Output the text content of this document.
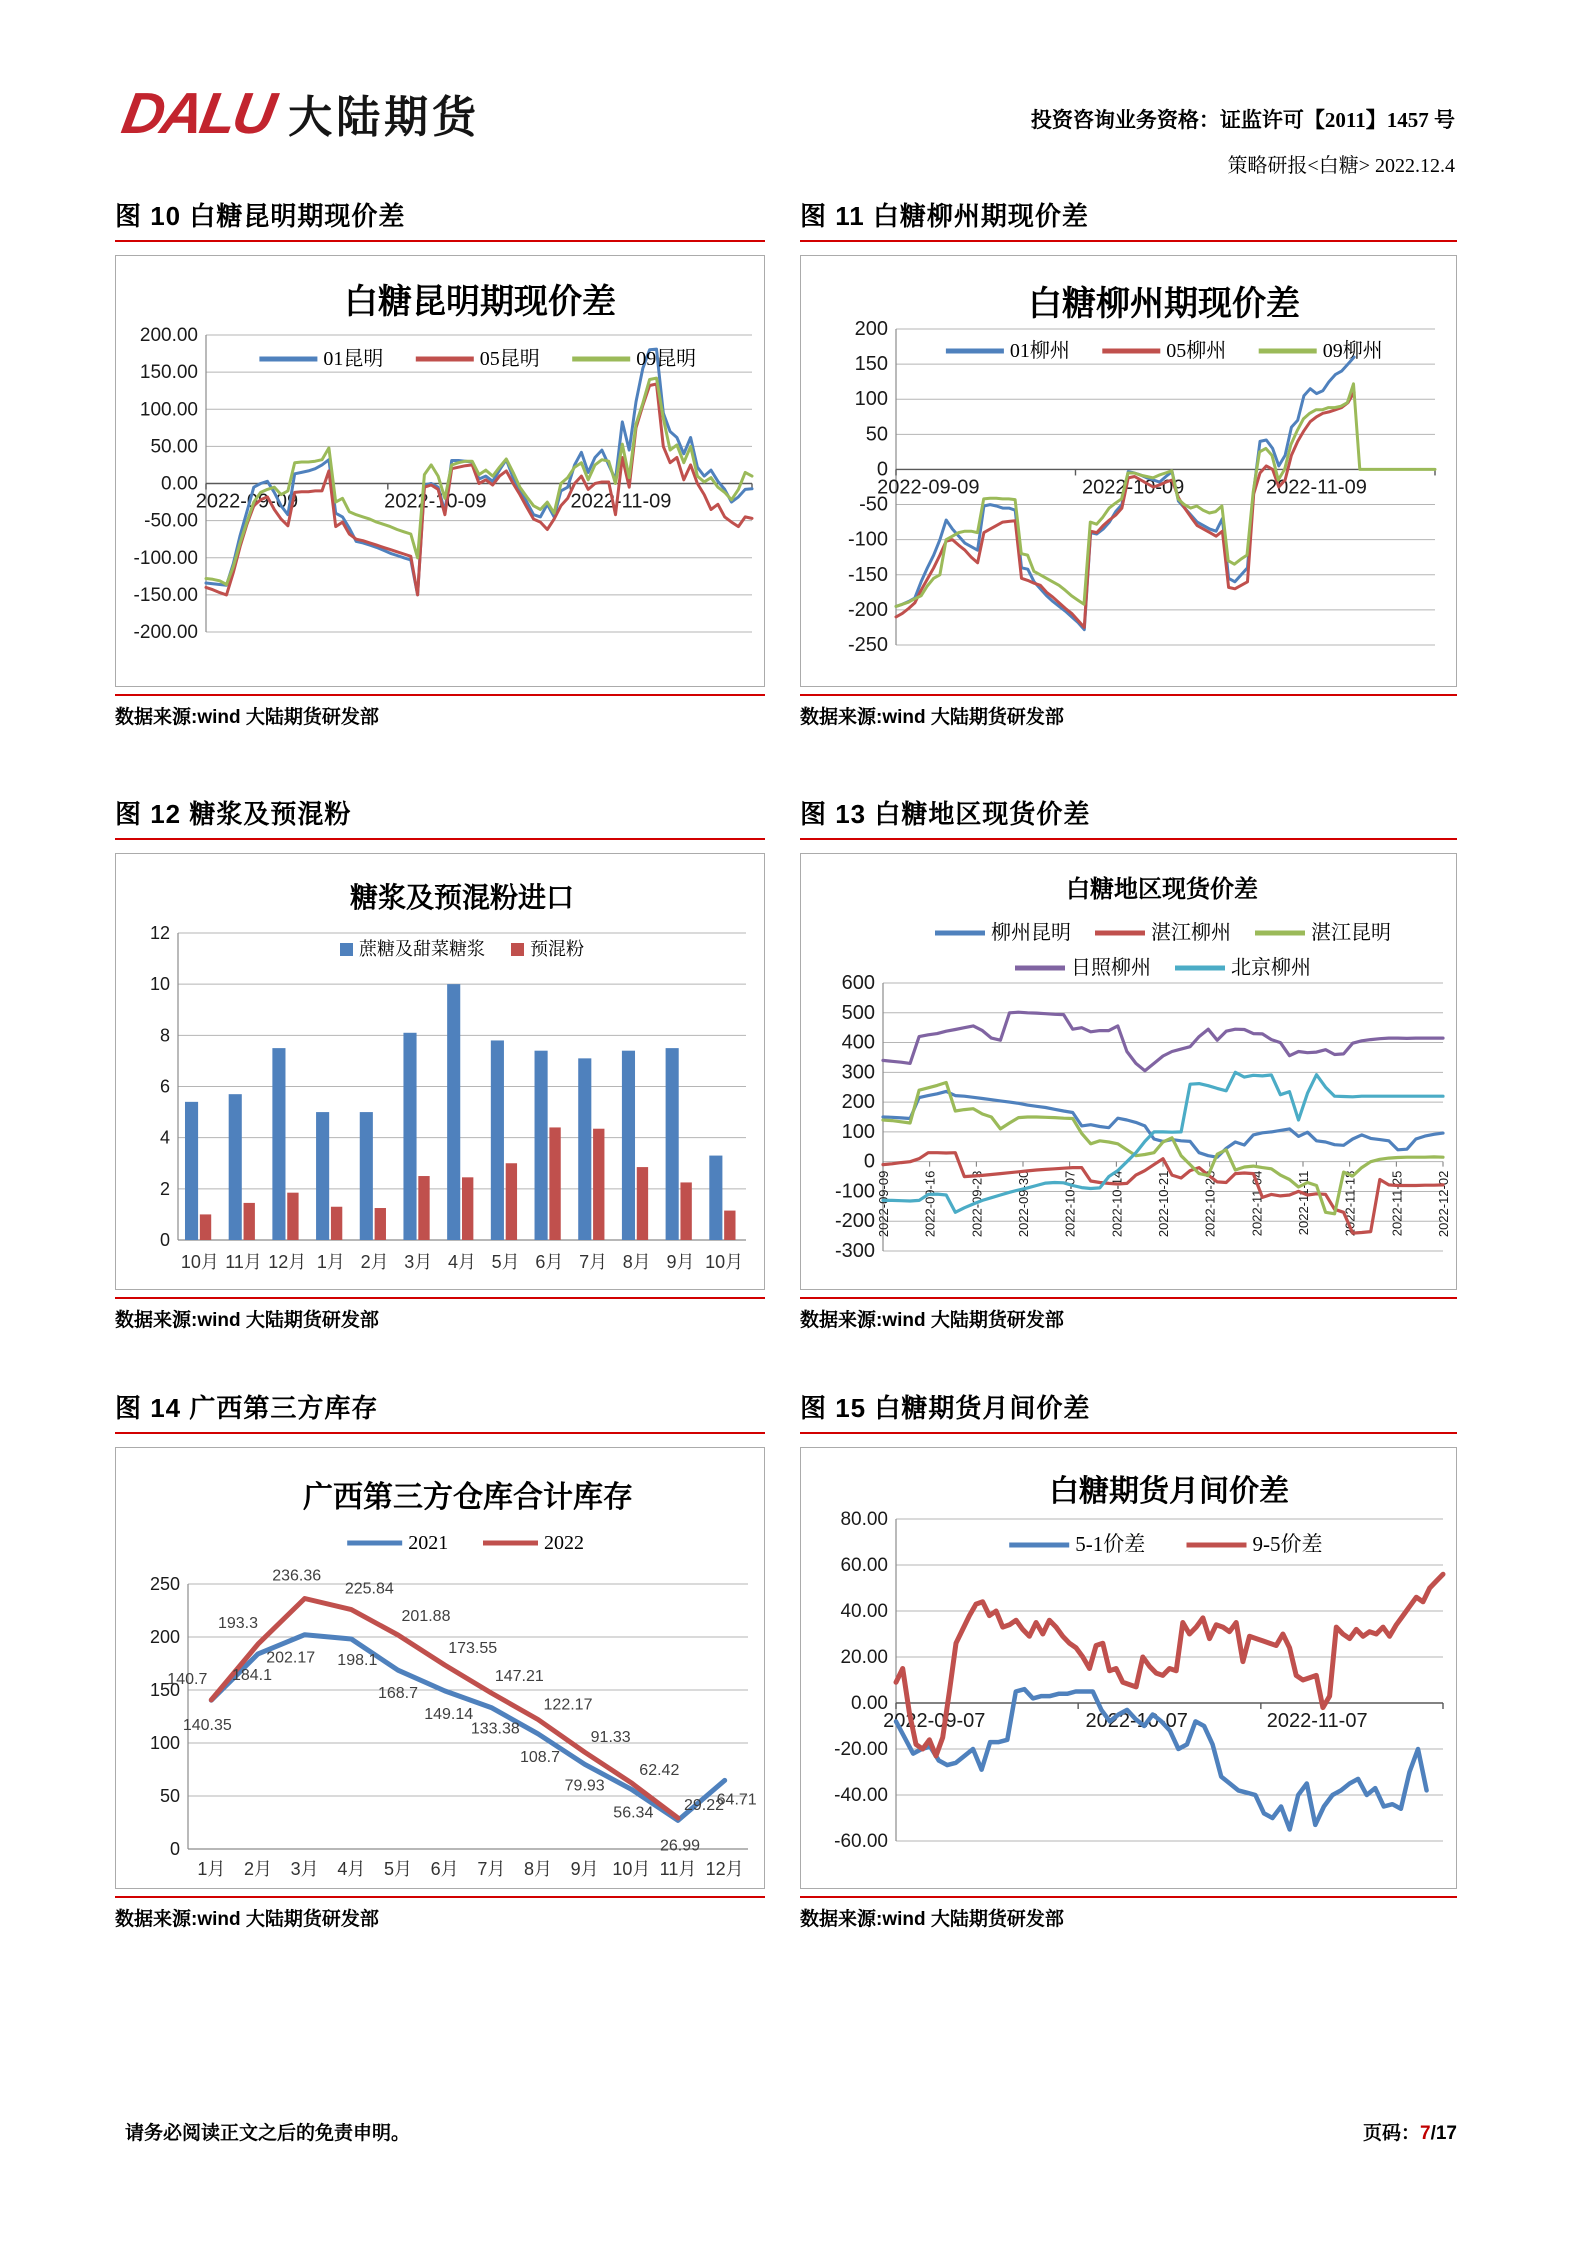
DALU 大陆期货	投资咨询业务资格：证监许可【2011】1457 号
策略研报<白糖> 2022.12.4
图 10 白糖昆明期现价差
200.00
150.00
100.00
50.00
0.00
-50.00
-100.00
-150.00
-200.00
2022-09-09	2022-10-09	2022-11-09
01昆明	05昆明	09昆明
白糖昆明期现价差
数据来源:wind 大陆期货研发部
图 11 白糖柳州期现价差
200
150
100
50
0
-50
-100
-150
-200
-250
2022-09-09	2022-10-09	2022-11-09
01柳州	05柳州	09柳州
白糖柳州期现价差
数据来源:wind 大陆期货研发部
图 12 糖浆及预混粉
12
10
8
6
4
2
0
10月 11月 12月 1月 2月 3月 4月 5月 6月 7月 8月 9月 10月
蔗糖及甜菜糖浆	预混粉
糖浆及预混粉进口
数据来源:wind 大陆期货研发部
图 13 白糖地区现货价差
600
500
400
300
200
100
0
-100
-200
-300
2022-09-09 2022-09-16 2022-09-23 2022-09-30 2022-10-07 2022-10-14 2022-10-21 2022-10-28 2022-11-04 2022-11-11 2022-11-18 2022-11-25 2022-12-02
柳州昆明	湛江柳州	湛江昆明
日照柳州	北京柳州
白糖地区现货价差
数据来源:wind 大陆期货研发部
图 14 广西第三方库存
250
200
150
100
50
0
1月 2月 3月 4月 5月 6月 7月 8月 9月 10月 11月 12月
140.7
193.3
236.36
225.84
201.88
173.55
147.21
122.17
91.33
62.42
29.22
140.35
184.1
202.17 198.1
168.7
149.14
133.38
108.7
79.93
56.34
26.99
64.71
2021	2022
广西第三方仓库合计库存
数据来源:wind 大陆期货研发部
图 15 白糖期货月间价差
80.00
60.00
40.00
20.00
0.00
-20.00
-40.00
-60.00
2022-09-07	2022-10-07	2022-11-07
5-1价差	9-5价差
白糖期货月间价差
数据来源:wind 大陆期货研发部
请务必阅读正文之后的免责申明。	页码：7/17
